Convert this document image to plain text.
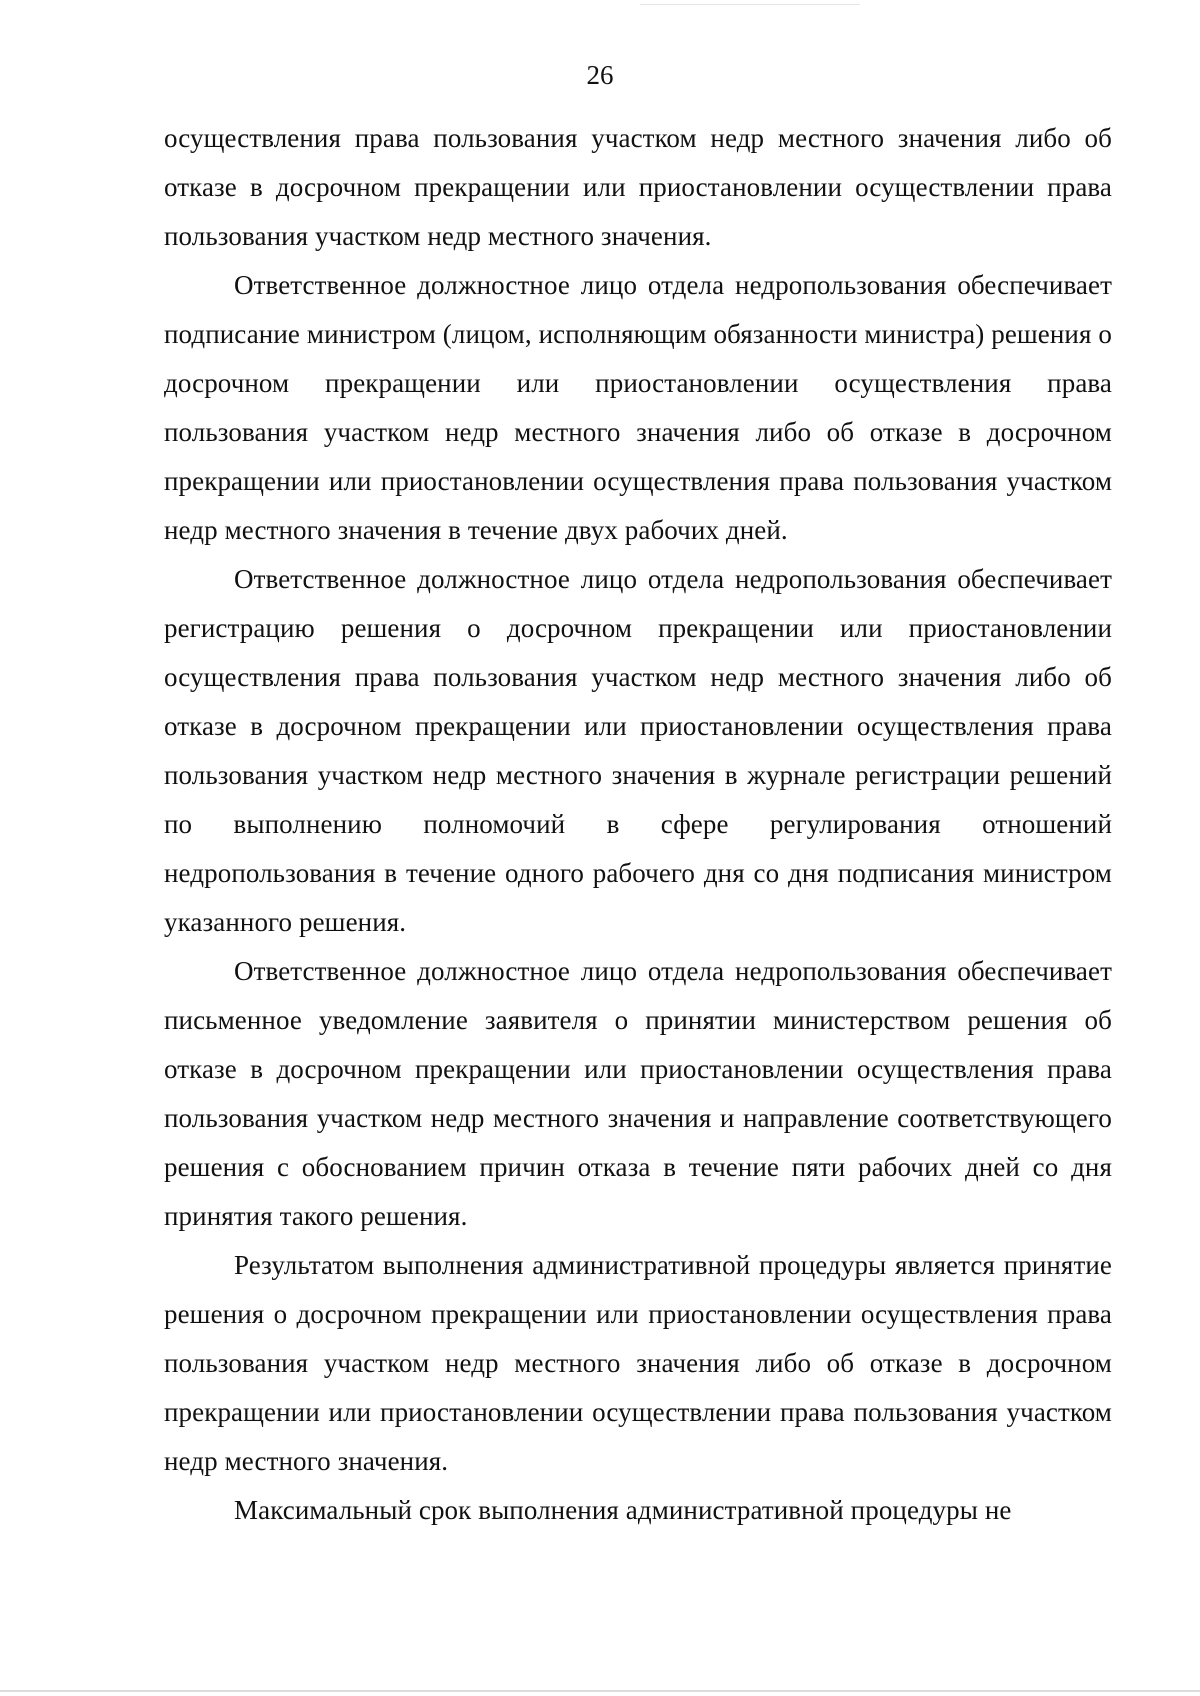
26

осуществления права пользования участком недр местного значения либо об отказе в досрочном прекращении или приостановлении осуществлении права пользования участком недр местного значения.

Ответственное должностное лицо отдела недропользования обеспечивает подписание министром (лицом, исполняющим обязанности министра) решения о досрочном прекращении или приостановлении осуществления права пользования участком недр местного значения либо об отказе в досрочном прекращении или приостановлении осуществления права пользования участком недр местного значения в течение двух рабочих дней.

Ответственное должностное лицо отдела недропользования обеспечивает регистрацию решения о досрочном прекращении или приостановлении осуществления права пользования участком недр местного значения либо об отказе в досрочном прекращении или приостановлении осуществления права пользования участком недр местного значения в журнале регистрации решений по выполнению полномочий в сфере регулирования отношений недропользования в течение одного рабочего дня со дня подписания министром указанного решения.

Ответственное должностное лицо отдела недропользования обеспечивает письменное уведомление заявителя о принятии министерством решения об отказе в досрочном прекращении или приостановлении осуществления права пользования участком недр местного значения и направление соответствующего решения с обоснованием причин отказа в течение пяти рабочих дней со дня принятия такого решения.

Результатом выполнения административной процедуры является принятие решения о досрочном прекращении или приостановлении осуществления права пользования участком недр местного значения либо об отказе в досрочном прекращении или приостановлении осуществлении права пользования участком недр местного значения.

Максимальный срок выполнения административной процедуры не
